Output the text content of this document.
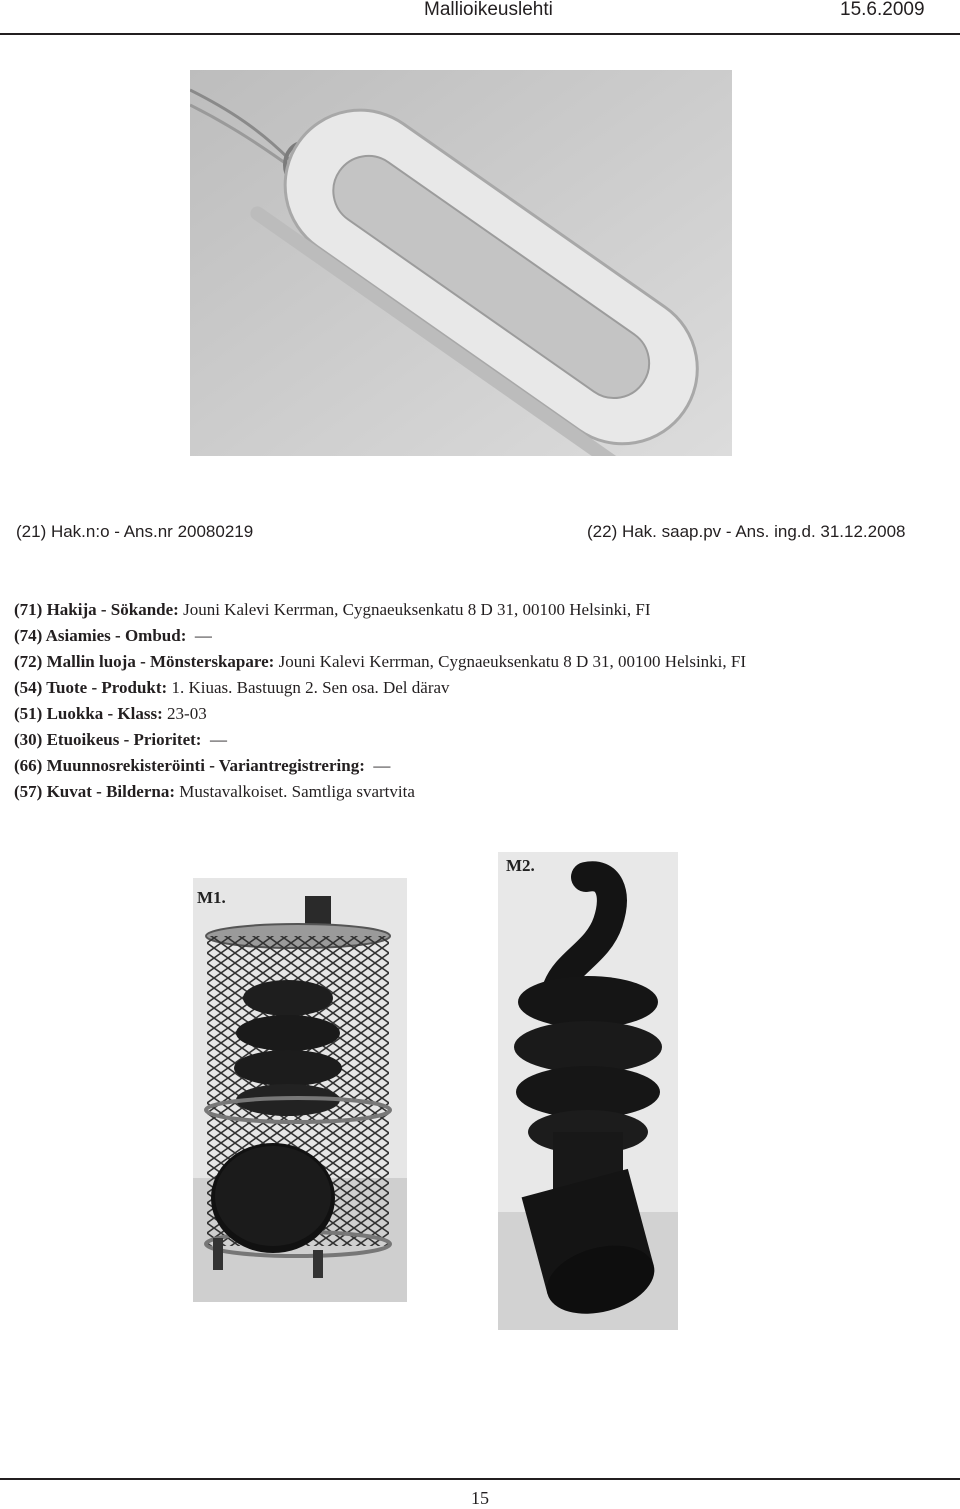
Mallioikeuslehti	15.6.2009
(21) Hak.n:o - Ans.nr 20080219	(22) Hak. saap.pv - Ans. ing.d. 31.12.2008
(71) Hakija - Sökande: Jouni Kalevi Kerrman, Cygnaeuksenkatu 8 D 31, 00100 Helsinki, FI
(74) Asiamies - Ombud: —
(72) Mallin luoja - Mönsterskapare: Jouni Kalevi Kerrman, Cygnaeuksenkatu 8 D 31, 00100 Helsinki, FI
(54) Tuote - Produkt: 1. Kiuas. Bastuugn 2. Sen osa. Del därav
(51) Luokka - Klass: 23-03
(30) Etuoikeus - Prioritet: —
(66) Muunnosrekisteröinti - Variantregistrering: —
(57) Kuvat - Bilderna: Mustavalkoiset. Samtliga svartvita
M1.
M2.
15
